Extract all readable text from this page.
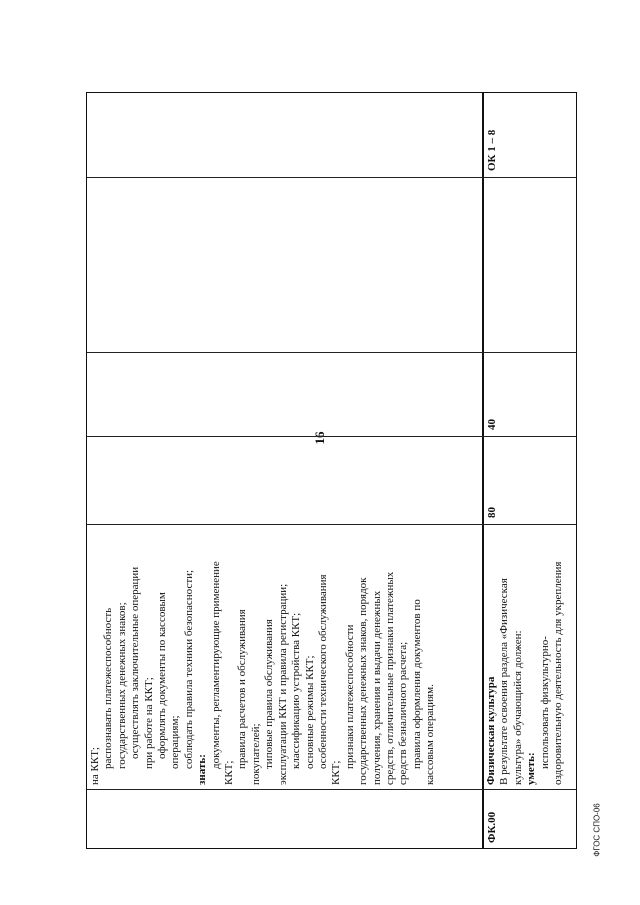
16
на ККТ; распознавать платежеспособность государственных денежных знаков; осуществлять заключительные операции при работе на ККТ; оформлять документы по кассовым операциям; соблюдать правила техники безопасности;
знать:
документы, регламентирующие применение
ККТ;
правила расчетов и обслуживания покупателей; типовые правила обслуживания эксплуатации ККТ и правила регистрации; классификацию устройства ККТ; основные режимы ККТ; особенности технического обслуживания
ККТ;
признаки платежеспособности государственных денежных знаков, порядок получения, хранения и выдачи денежных средств, отличительные признаки платежных средств безналичного расчета; правила оформления документов по кассовым операциям.
ФК.00
Физическая культура В результате освоения раздела «Физическая культура» обучающийся должен: уметь: использовать физкультурно- оздоровительную деятельность для укрепления
80
40
ОК 1 – 8
ФГОС СПО-06
